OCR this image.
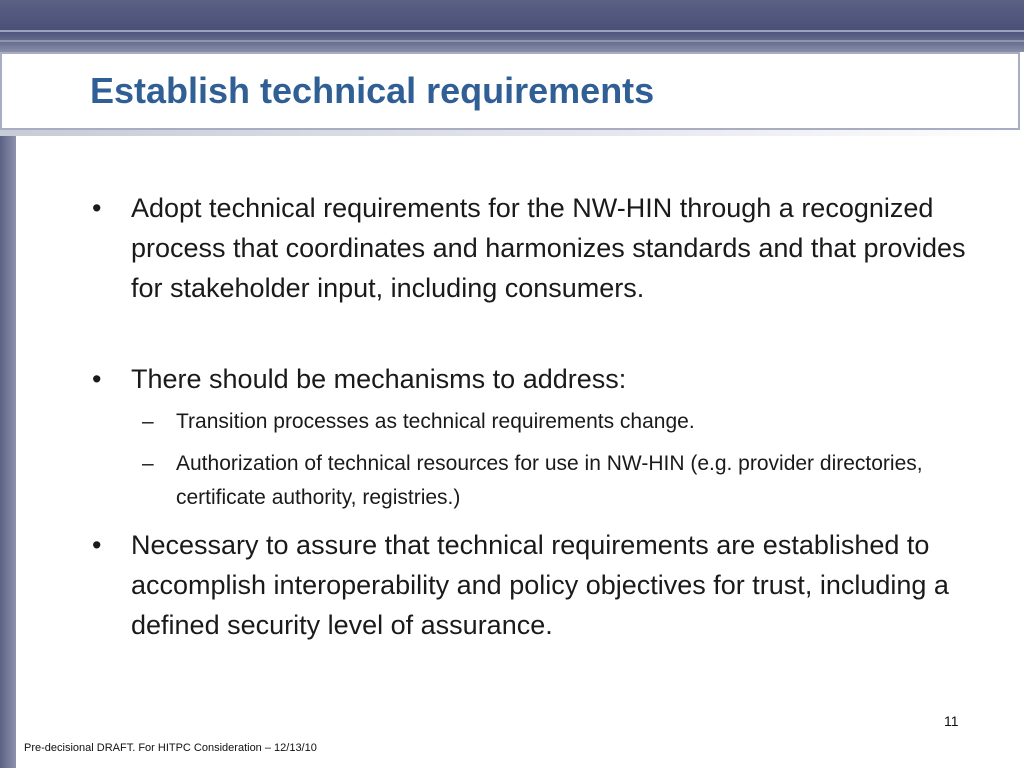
Establish technical requirements
• Adopt technical requirements for the NW-HIN through a recognized process that coordinates and harmonizes standards and that provides for stakeholder input, including consumers.
• There should be mechanisms to address:
– Transition processes as technical requirements change.
– Authorization of technical resources for use in NW-HIN (e.g. provider directories, certificate authority, registries.)
• Necessary to assure that technical requirements are established to accomplish interoperability and policy objectives for trust, including a defined security level of assurance.
11
Pre-decisional DRAFT. For HITPC Consideration – 12/13/10
